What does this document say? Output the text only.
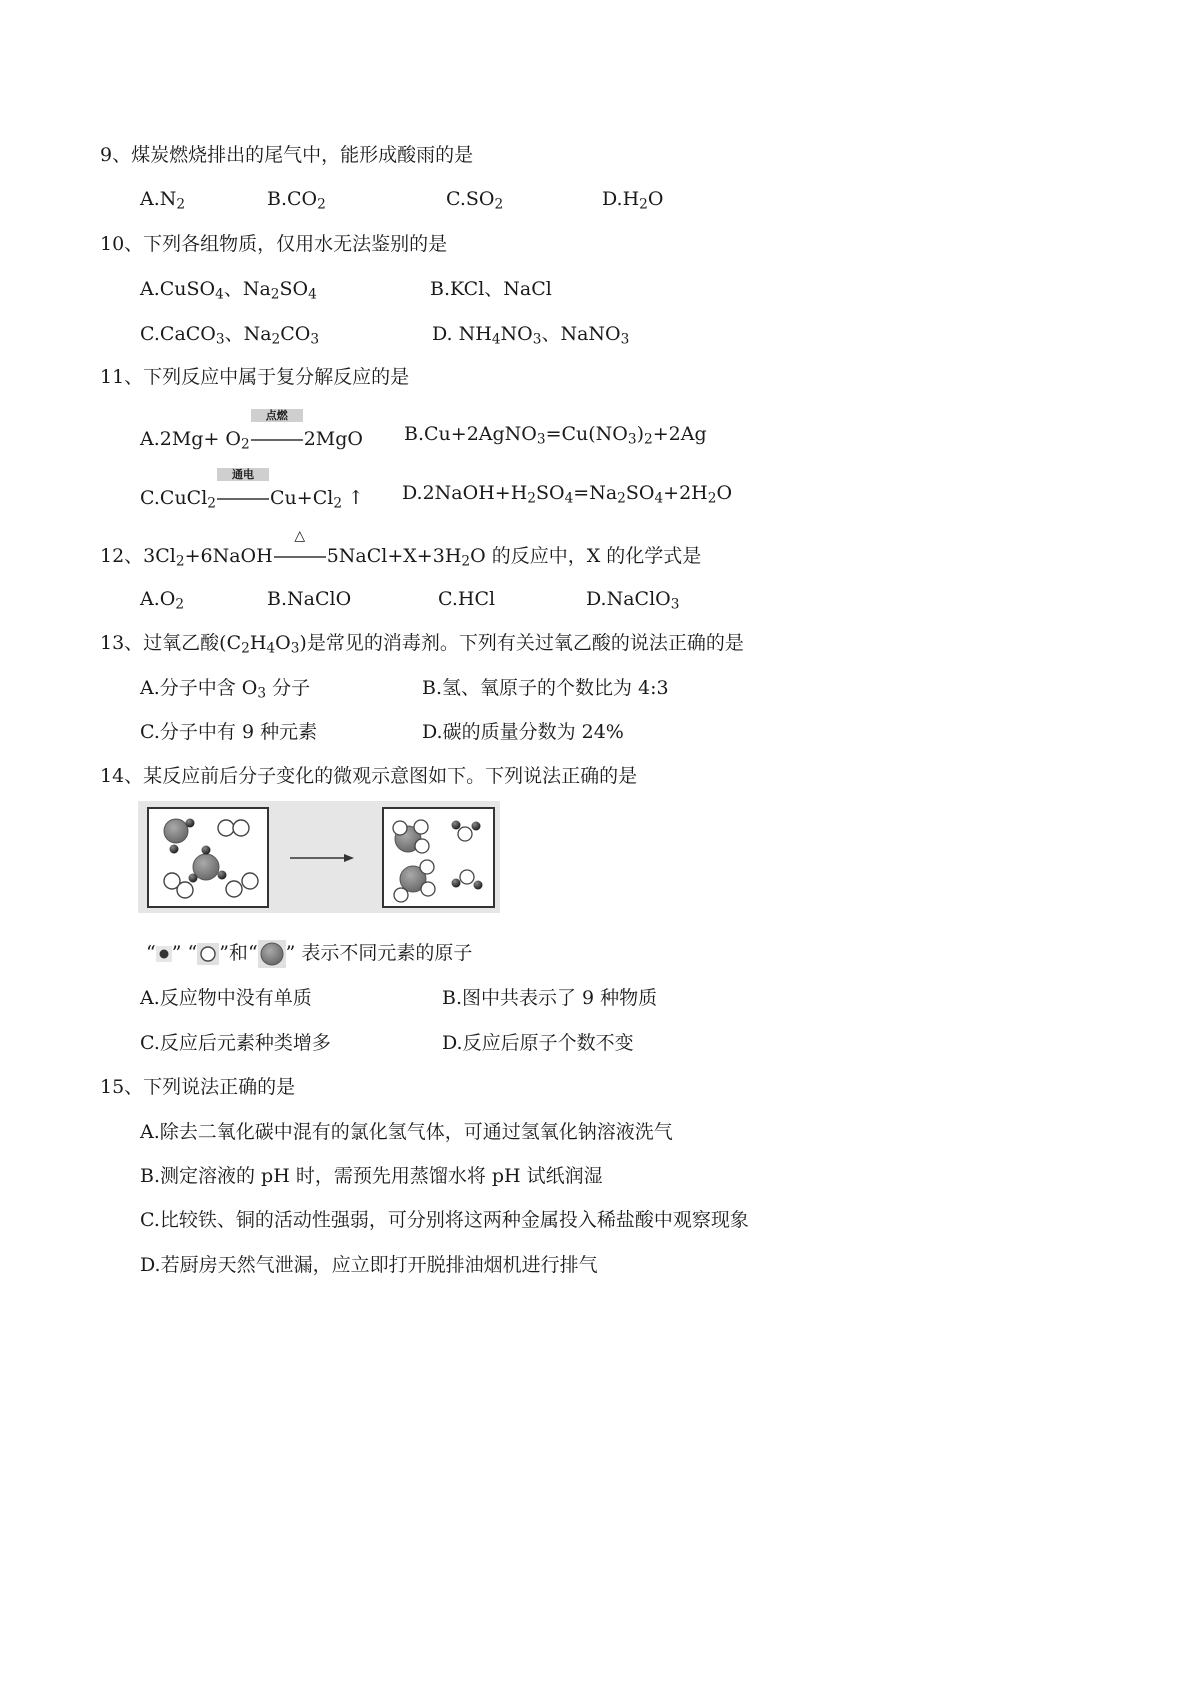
9、煤炭燃烧排出的尾气中，能形成酸雨的是
$A.N_2$	$B.CO_2$	$C.SO_2$	$D.H_2O$
10、下列各组物质，仅用水无法鉴别的是
A.CuSO$_4$、$Na_2SO_4$	B.KCl、NaCl
C.CaCO$_3$、$Na_2CO_3$	D. $NH_4NO_3$、NaNO$_3$
11、下列反应中属于复分解反应的是
$A.2Mg+ O_2$
点燃
2MgO $B.Cu+2AgNO_3=Cu(NO_3)_2+2Ag$
C.CuCl$_2$
通电
$Cu+Cl_2$ ↑ $D.2NaOH+H_2SO_4=Na_2SO_4+2H_2O$
12、$3Cl_2+6NaOH$
△
$5NaCl+X+3H_2O$ 的反应中，X 的化学式是
$A.O_2$	B.NaClO	C.HCl	D.NaClO$_3$
13、过氧乙酸$(C_2H_4O_3)$是常见的消毒剂。下列有关过氧乙酸的说法正确的是
A.分子中含 $O_3$ 分子	B.氢、氧原子的个数比为 4:3
C.分子中有 9 种元素	D.碳的质量分数为 24%
14、某反应前后分子变化的微观示意图如下。下列说法正确的是
“ ” “ ”和“ ” 表示不同元素的原子
A.反应物中没有单质	B.图中共表示了 9 种物质
C.反应后元素种类增多	D.反应后原子个数不变
15、下列说法正确的是
A.除去二氧化碳中混有的氯化氢气体，可通过氢氧化钠溶液洗气
B.测定溶液的 pH 时，需预先用蒸馏水将 pH 试纸润湿
C.比较铁、铜的活动性强弱，可分别将这两种金属投入稀盐酸中观察现象
D.若厨房天然气泄漏，应立即打开脱排油烟机进行排气
